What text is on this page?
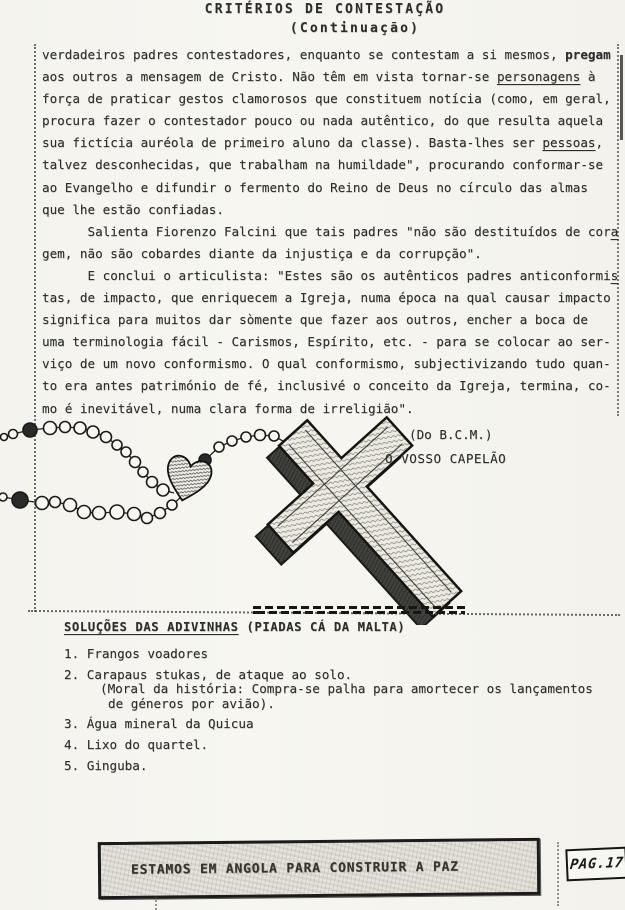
CRITÉRIOS DE CONTESTAÇÃO
(Continuação)
verdadeiros padres contestadores, enquanto se contestam a si mesmos, pregam
aos outros a mensagem de Cristo. Não têm em vista tornar-se personagens à
força de praticar gestos clamorosos que constituem notícia (como, em geral,
procura fazer o contestador pouco ou nada autêntico, do que resulta aquela
sua fictícia auréola de primeiro aluno da classe). Basta-lhes ser pessoas,
talvez desconhecidas, que trabalham na humildade", procurando conformar-se
ao Evangelho e difundir o fermento do Reino de Deus no círculo das almas
que lhe estão confiadas.
Salienta Fiorenzo Falcini que tais padres "não são destituídos de cora
gem, não são cobardes diante da injustiça e da corrupção".
E conclui o articulista: "Estes são os autênticos padres anticonformis
tas, de impacto, que enriquecem a Igreja, numa época na qual causar impacto
significa para muitos dar sòmente que fazer aos outros, encher a boca de
uma terminologia fácil - Carismos, Espírito, etc. - para se colocar ao ser-
viço de um novo conformismo. O qual conformismo, subjectivizando tudo quan-
to era antes património de fé, inclusivé o conceito da Igreja, termina, co-
mo é inevitável, numa clara forma de irreligião".
(Do B.C.M.)
O VOSSO CAPELÃO
SOLUÇÕES DAS ADIVINHAS (PIADAS CÁ DA MALTA)
1. Frangos voadores
2. Carapaus stukas, de ataque ao solo.
(Moral da história: Compra-se palha para amortecer os lançamentos
de géneros por avião).
3. Água mineral da Quicua
4. Lixo do quartel.
5. Ginguba.
ESTAMOS EM ANGOLA PARA CONSTRUIR A PAZ	PAG.17
